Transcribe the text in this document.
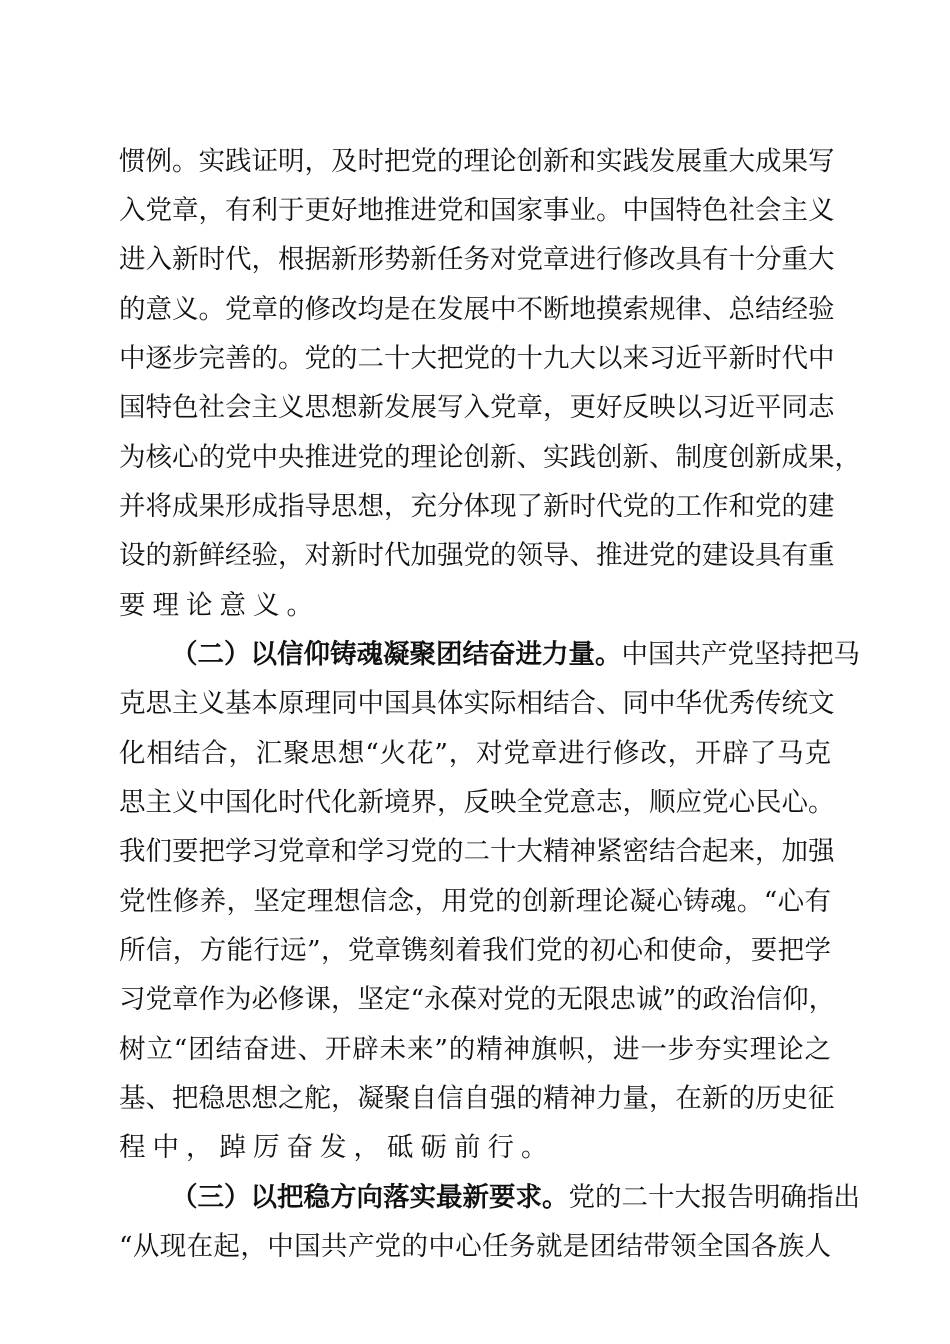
惯例。实践证明，及时把党的理论创新和实践发展重大成果写
入党章，有利于更好地推进党和国家事业。中国特色社会主义
进入新时代，根据新形势新任务对党章进行修改具有十分重大
的意义。党章的修改均是在发展中不断地摸索规律、总结经验
中逐步完善的。党的二十大把党的十九大以来习近平新时代中
国特色社会主义思想新发展写入党章，更好反映以习近平同志
为核心的党中央推进党的理论创新、实践创新、制度创新成果，
并将成果形成指导思想，充分体现了新时代党的工作和党的建
设的新鲜经验，对新时代加强党的领导、推进党的建设具有重
要理论意义。
（二）以信仰铸魂凝聚团结奋进力量。中国共产党坚持把马
克思主义基本原理同中国具体实际相结合、同中华优秀传统文
化相结合，汇聚思想“火花”，对党章进行修改，开辟了马克
思主义中国化时代化新境界，反映全党意志，顺应党心民心。
我们要把学习党章和学习党的二十大精神紧密结合起来，加强
党性修养，坚定理想信念，用党的创新理论凝心铸魂。“心有
所信，方能行远”，党章镌刻着我们党的初心和使命，要把学
习党章作为必修课，坚定“永葆对党的无限忠诚”的政治信仰，
树立“团结奋进、开辟未来”的精神旗帜，进一步夯实理论之
基、把稳思想之舵，凝聚自信自强的精神力量，在新的历史征
程中，踔厉奋发，砥砺前行。
（三）以把稳方向落实最新要求。党的二十大报告明确指出
“从现在起，中国共产党的中心任务就是团结带领全国各族人
